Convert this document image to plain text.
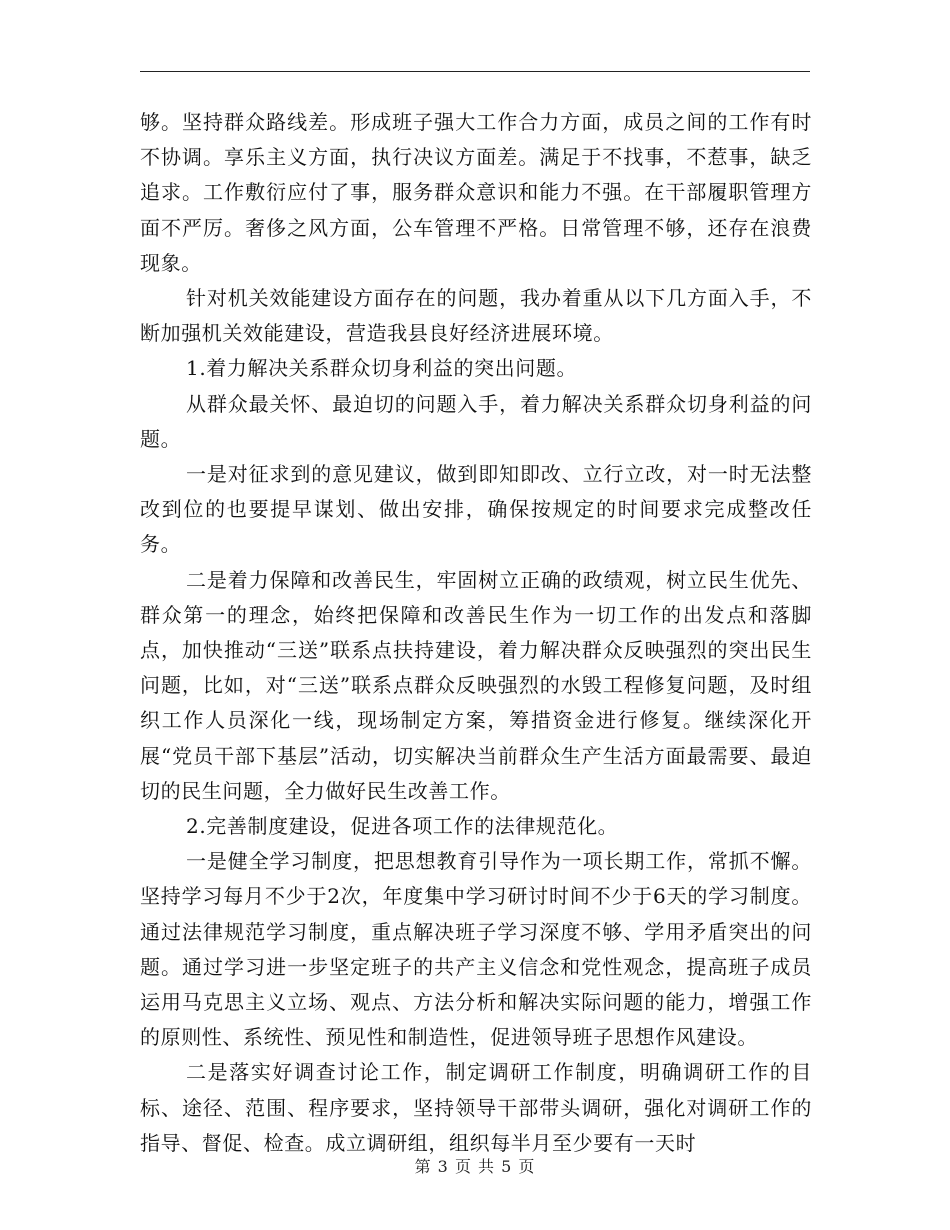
够。坚持群众路线差。形成班子强大工作合力方面，成员之间的工作有时不协调。享乐主义方面，执行决议方面差。满足于不找事，不惹事，缺乏追求。工作敷衍应付了事，服务群众意识和能力不强。在干部履职管理方面不严厉。奢侈之风方面，公车管理不严格。日常管理不够，还存在浪费现象。

针对机关效能建设方面存在的问题，我办着重从以下几方面入手，不断加强机关效能建设，营造我县良好经济进展环境。

1.着力解决关系群众切身利益的突出问题。

从群众最关怀、最迫切的问题入手，着力解决关系群众切身利益的问题。

一是对征求到的意见建议，做到即知即改、立行立改，对一时无法整改到位的也要提早谋划、做出安排，确保按规定的时间要求完成整改任务。

二是着力保障和改善民生，牢固树立正确的政绩观，树立民生优先、群众第一的理念，始终把保障和改善民生作为一切工作的出发点和落脚点，加快推动“三送”联系点扶持建设，着力解决群众反映强烈的突出民生问题，比如，对“三送”联系点群众反映强烈的水毁工程修复问题，及时组织工作人员深化一线，现场制定方案，筹措资金进行修复。继续深化开展“党员干部下基层”活动，切实解决当前群众生产生活方面最需要、最迫切的民生问题，全力做好民生改善工作。

2.完善制度建设，促进各项工作的法律规范化。

一是健全学习制度，把思想教育引导作为一项长期工作，常抓不懈。坚持学习每月不少于2次，年度集中学习研讨时间不少于6天的学习制度。通过法律规范学习制度，重点解决班子学习深度不够、学用矛盾突出的问题。通过学习进一步坚定班子的共产主义信念和党性观念，提高班子成员运用马克思主义立场、观点、方法分析和解决实际问题的能力，增强工作的原则性、系统性、预见性和制造性，促进领导班子思想作风建设。

二是落实好调查讨论工作，制定调研工作制度，明确调研工作的目标、途径、范围、程序要求，坚持领导干部带头调研，强化对调研工作的指导、督促、检查。成立调研组，组织每半月至少要有一天时

第 3 页 共 5 页
